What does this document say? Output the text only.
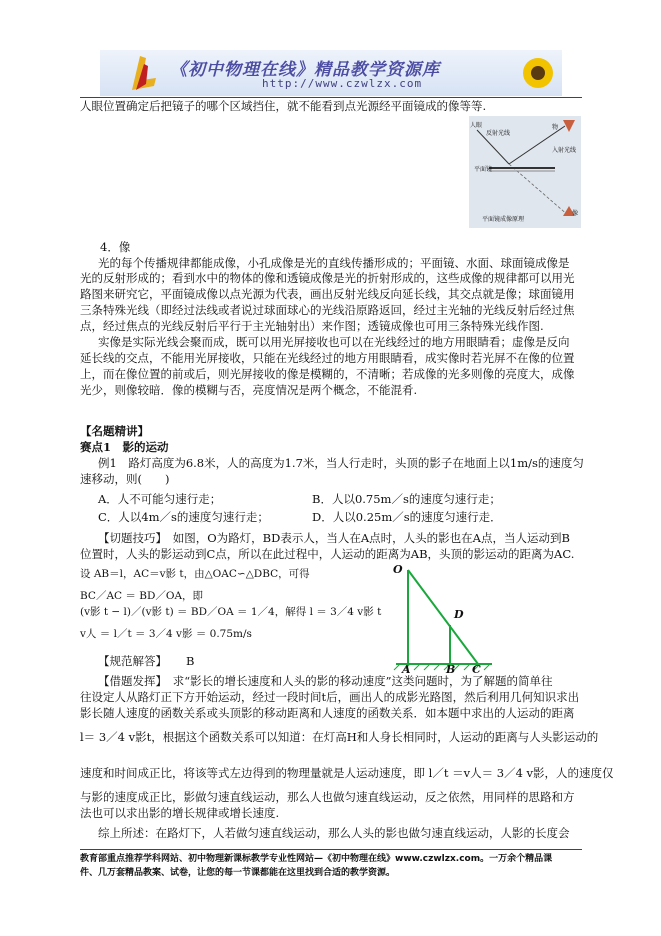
《初中物理在线》精品教学资源库
http://www.czwlzx.com
人眼位置确定后把镜子的哪个区域挡住，就不能看到点光源经平面镜成的像等等.
人眼
反射光线
物
入射光线
平面镜
像
平面镜成像原理
4．像
光的每个传播规律都能成像，小孔成像是光的直线传播形成的；平面镜、水面、球面镜成像是
光的反射形成的；看到水中的物体的像和透镜成像是光的折射形成的，这些成像的规律都可以用光
路图来研究它，平面镜成像以点光源为代表，画出反射光线反向延长线，其交点就是像；球面镜用
三条特殊光线（即经过法线或者说过球面球心的光线沿原路返回，经过主光轴的光线反射后经过焦
点，经过焦点的光线反射后平行于主光轴射出）来作图；透镜成像也可用三条特殊光线作图.
实像是实际光线会聚而成，既可以用光屏接收也可以在光线经过的地方用眼睛看；虚像是反向
延长线的交点，不能用光屏接收，只能在光线经过的地方用眼睛看，成实像时若光屏不在像的位置
上，而在像位置的前或后，则光屏接收的像是模糊的，不清晰；若成像的光多则像的亮度大，成像
光少，则像较暗．像的模糊与否，亮度情况是两个概念，不能混肴.
【名题精讲】
赛点1　影的运动
例1　路灯高度为6.8米，人的高度为1.7米，当人行走时，头顶的影子在地面上以1m/s的速度匀
速移动，则(　　)
A．人不可能匀速行走；	B．人以0.75m／s的速度匀速行走；
C．人以4m／s的速度匀速行走；	D．人以0.25m／s的速度匀速行走．
【切题技巧】　如图，O为路灯，BD表示人，当人在A点时，人头的影也在A点，当人运动到B
位置时，人头的影运动到C点，所以在此过程中，人运动的距离为AB，头顶的影运动的距离为AC.
设 AB＝l，AC＝v影 t，由△OAC∽△DBC，可得
BC／AC ＝ BD／OA，即
(v影 t − l)／(v影 t) ＝ BD／OA ＝ 1／4，解得 l ＝ 3／4 v影 t
v人 ＝ l／t ＝ 3／4 v影 ＝ 0.75m/s
O
D
A	B C
【规范解答】 B
【借题发挥】　求“影长的增长速度和人头的影的移动速度”这类问题时，为了解题的简单往
往设定人从路灯正下方开始运动，经过一段时间t后，画出人的成影光路图，然后利用几何知识求出
影长随人速度的函数关系或头顶影的移动距离和人速度的函数关系．如本题中求出的人运动的距离
l＝ 3／4 v影t，根据这个函数关系可以知道：在灯高H和人身长相同时，人运动的距离与人头影运动的
速度和时间成正比，将该等式左边得到的物理量就是人运动速度，即 l／t ＝v人＝ 3／4 v影，人的速度仅
与影的速度成正比，影做匀速直线运动，那么人也做匀速直线运动，反之依然，用同样的思路和方
法也可以求出影的增长规律或增长速度.
综上所述：在路灯下，人若做匀速直线运动，那么人头的影也做匀速直线运动，人影的长度会
教育部重点推荐学科网站、初中物理新课标教学专业性网站—《初中物理在线》www.czwlzx.com。一万余个精品课
件、几万套精品教案、试卷，让您的每一节课都能在这里找到合适的教学资源。
